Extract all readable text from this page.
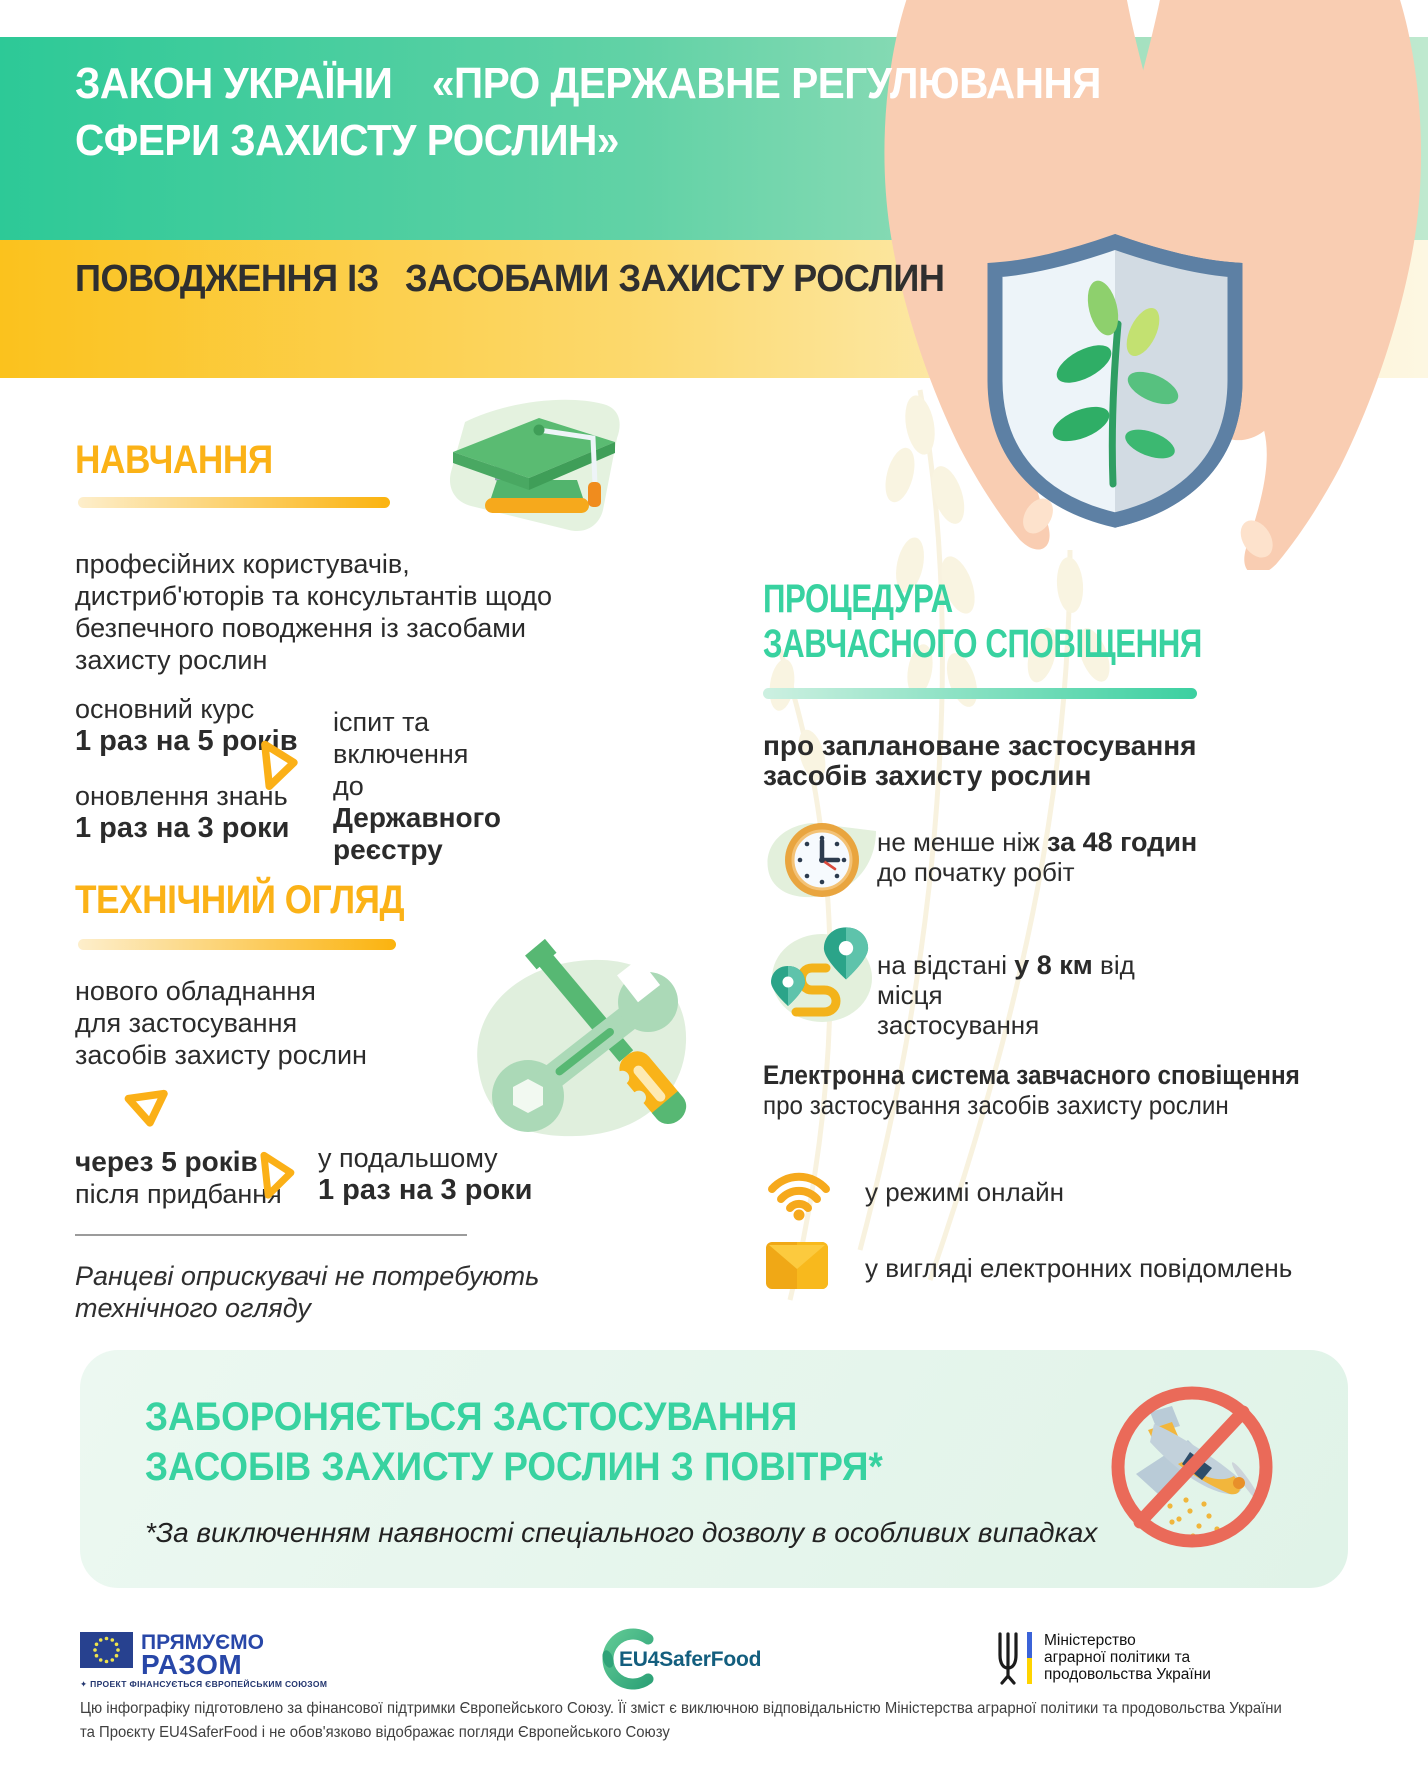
ЗАКОН УКРАЇНИ «ПРО ДЕРЖАВНЕ РЕГУЛЮВАННЯ СФЕРИ ЗАХИСТУ РОСЛИН»
ПОВОДЖЕННЯ ІЗ ЗАСОБАМИ ЗАХИСТУ РОСЛИН
НАВЧАННЯ
професійних користувачів,
дистриб'юторів та консультантів щодо
безпечного поводження із засобами
захисту рослин
основний курс
1 раз на 5 років
оновлення знань
1 раз на 3 роки
іспит та включення до Державного реєстру
ТЕХНІЧНИЙ ОГЛЯД
нового обладнання
для застосування
засобів захисту рослин
через 5 років
після придбання
у подальшому
1 раз на 3 роки
Ранцеві оприскувачі не потребують
технічного огляду
ПРОЦЕДУРА ЗАВЧАСНОГО СПОВІЩЕННЯ
про заплановане застосування
засобів захисту рослин
не менше ніж за 48 годин
до початку робіт
на відстані у 8 км від місця
застосування
Електронна система завчасного сповіщення про застосування засобів захисту рослин
у режимі онлайн
у вигляді електронних повідомлень
ЗАБОРОНЯЄТЬСЯ ЗАСТОСУВАННЯ ЗАСОБІВ ЗАХИСТУ РОСЛИН З ПОВІТРЯ*
*За виключенням наявності спеціального дозволу в особливих випадках
ПРЯМУЄМО
РАЗОМ
✦ ПРОЕКТ ФІНАНСУЄТЬСЯ ЄВРОПЕЙСЬКИМ СОЮЗОМ
EU4SaferFood
Міністерство
аграрної політики та
продовольства України
Цю інфографіку підготовлено за фінансової підтримки Європейського Союзу. Її зміст є виключною відповідальністю Міністерства аграрної політики та продовольства України
та Проєкту EU4SaferFood і не обов'язково відображає погляди Європейського Союзу
